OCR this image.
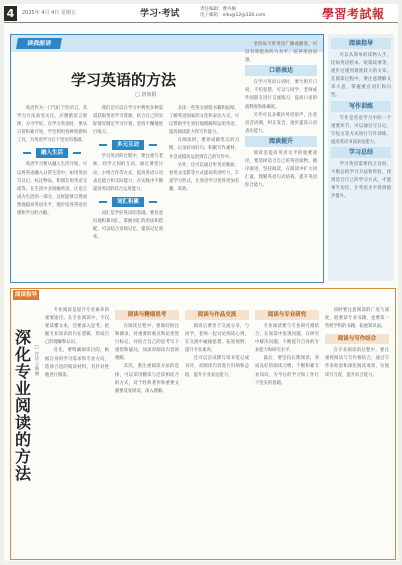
4	2025年 4月 4日 星期五	学习·考试	责任编辑：曹丹桐
电子邮箱：edu@12@126.com	學習考試報
读我能语
学习英语的方法
□ 唐如娟

英语作为一门“国门”的语言，其学习方法备受关注。应遵循语言规律，方可学好。在学习英语时，要从日常积累开始，学会利用各种资源和工具，为英语学习打下坚实的基础。

融入生活

英语学习要从融入生活开始。可以将英语融入日常生活中，如用英语写日记、标注物品、和朋友用英语交流等。在生活中多接触英语，让语言成为生活的一部分，这样能够自然而然地提高英语水平，逐步培养英语语感和学习的兴趣。

我们还可以在学习中利用多种渠道获取英语学习资源，结合自己的实际情况制定学习计划，坚持不懈地进行练习。

多元互动

学习英语的过程中，要注重与老师、同学之间的互动，通过课堂讨论、小组合作等方式，提高英语口语表达能力和交际能力，在实践中不断提高英语的综合运用能力。

词汇积累

词汇是学好英语的基础。要有意识地积累词汇，掌握词汇的用法和搭配，可以结合语境记忆，提高记忆效率。

多读一些英文原版书籍和报纸，了解英语国家的文化和表达方式，可以帮助学生更好地理解和运用英语，提高阅读能力和写作能力。

在阅读时，要养成做笔记的习惯，记录好词好句，积累写作素材，并尝试模仿运用到自己的写作中。

另外，还可以通过听英语歌曲、看英文电影等方式提高英语听力，丰富学习形式，让英语学习变得更加有趣、高效。

坚持每天听英语广播或播客，可以有效提高听力水平，培养英语语感。

口语表达

在学习英语口语时，要大胆开口说，不怕犯错，可以与同学、老师或外国朋友进行交流练习，提高口语的流利度和准确度。

另外可以多模仿英语原声，注意语音语调，纠正发音，逐步提高口语表达能力。

阅读提升

阅读是提高英语水平的重要途径。要选择适合自己的英语读物，循序渐进，坚持阅读，在阅读中扩大词汇量，理解英语句式结构，提升英语综合能力。

阅读指导

可以从简单的读物入手，比如英语绘本、短篇故事等，逐步过渡到难度较大的文章。在阅读过程中，要注意理解文章大意，掌握重点词汇和句型。

写作训练

写作是英语学习中的一个重要环节。可以通过写日记、写短文等方式进行写作训练，提高英语书面表达能力。

学习总结

学习英语需要持之以恒，不断总结学习方法和经验，找到适合自己的学习方式，才能事半功倍，让英语水平得到稳步提升。

阅读指导
深化专业阅读的方法
□ 许洁 王坤丽

专业阅读是提升专业素养的重要途径。在专业阅读中，不仅要读懂文本，还要深入思考，把握专业知识的内在逻辑，形成自己的理解和认识。

首先，要明确阅读目的，根据自身的学习需求和专业方向，选择合适的阅读材料，有针对性地进行阅读。

阅读与精细思考

在阅读过程中，要做好批注和摘录，对重要的观点和论述进行标记，并结合自己的思考写下感悟和疑问，加深对阅读内容的理解。

其次，要注重阅读方法的选择，可以采用精读与泛读相结合的方式，对于经典著作和重要文献要反复研读，深入理解。

阅读与作品交流

阅读后要善于交流分享，与同学、老师一起讨论阅读心得，在交流中碰撞思想，拓宽视野，提升专业素养。

还可以尝试撰写读书笔记或书评，对阅读内容进行归纳和总结，提升专业表达能力。

阅读与专业研究

专业阅读要与专业研究相结合，在阅读中发现问题，在研究中解决问题，不断提升自身的专业能力和研究水平。

最后，要坚持长期阅读，养成良好的阅读习惯，不断积累专业知识，为今后的学习和工作打下坚实的基础。

同时要注意阅读的广度与深度，既要读专业书籍，也要读一些跨学科的书籍，拓展知识面。

阅读与写作结合

在专业阅读的过程中，要注重将阅读与写作相结合，通过写作来检验和深化阅读成果，实现读写互促，提升综合能力。
